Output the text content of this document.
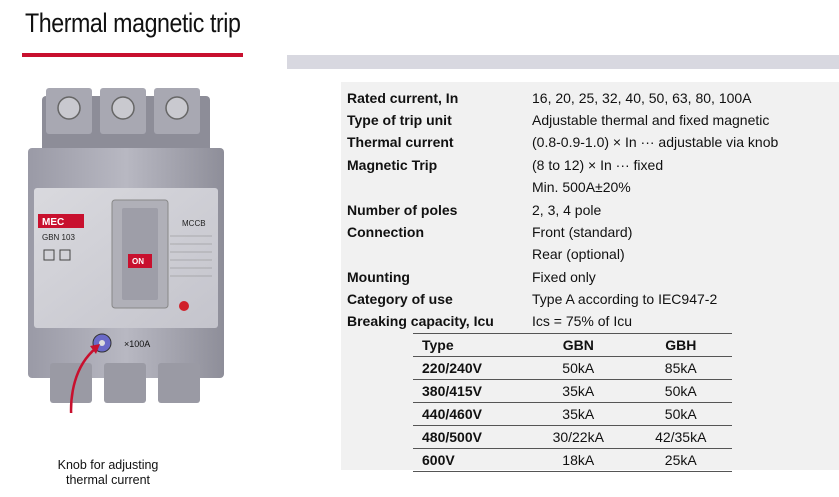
Thermal magnetic trip
MEC
GBN 103
ON
MCCB
×100A
Knob for adjusting
thermal current
Rated current, In	16, 20, 25, 32, 40, 50, 63, 80, 100A
Type of trip unit	Adjustable thermal and fixed magnetic
Thermal current	(0.8-0.9-1.0) × In ··· adjustable via knob
Magnetic Trip	(8 to 12) × In ··· fixed
Min. 500A±20%
Number of poles	2, 3, 4 pole
Connection	Front (standard)
Rear (optional)
Mounting	Fixed only
Category of use	Type A according to IEC947-2
Breaking capacity, Icu	Ics = 75% of Icu
Type	GBN	GBH
220/240V	50kA	85kA
380/415V	35kA	50kA
440/460V	35kA	50kA
480/500V	30/22kA	42/35kA
600V	18kA	25kA
